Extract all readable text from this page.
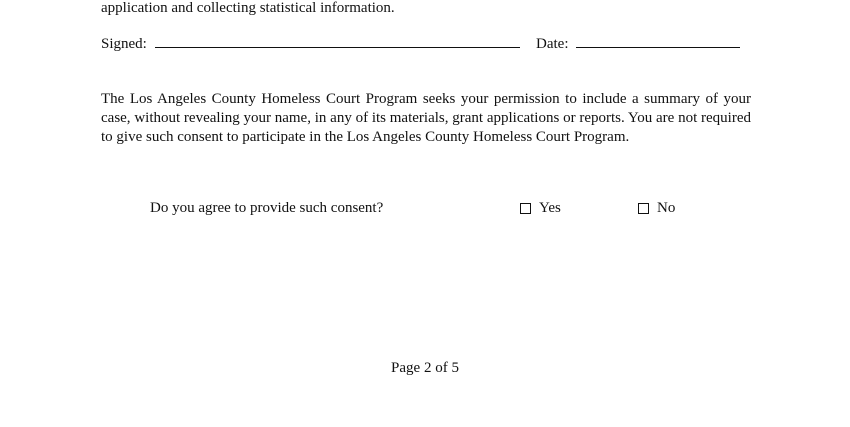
application and collecting statistical information.
Signed:	Date:

The Los Angeles County Homeless Court Program seeks your permission to include a summary of your case, without revealing your name, in any of its materials, grant applications or reports. You are not required to give such consent to participate in the Los Angeles County Homeless Court Program.

Do you agree to provide such consent?	Yes	No
Page 2 of 5
